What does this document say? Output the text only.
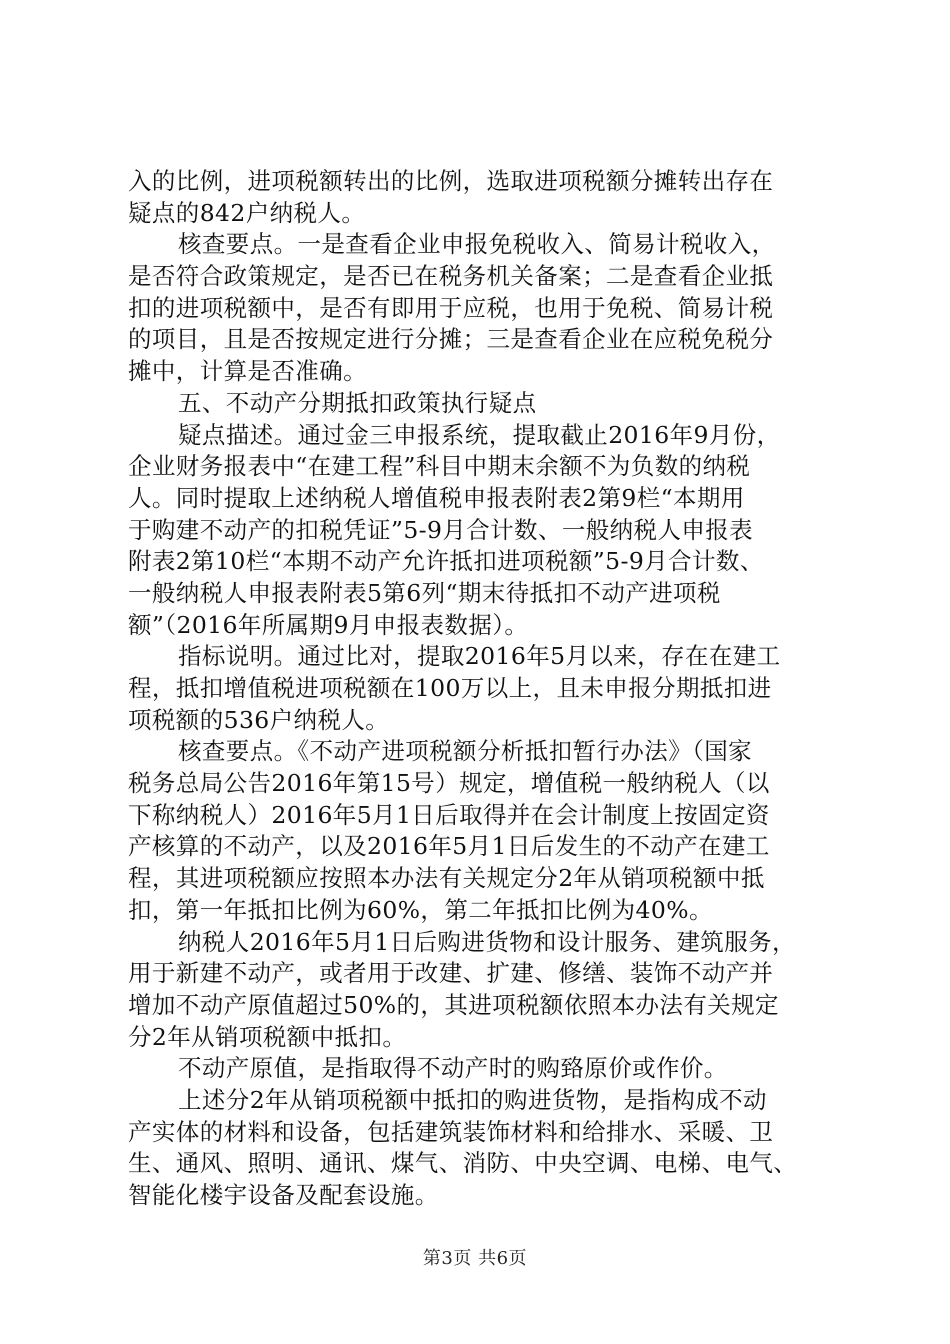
入的比例，进项税额转出的比例，选取进项税额分摊转出存在
疑点的842户纳税人。
核查要点。一是查看企业申报免税收入、简易计税收入，
是否符合政策规定，是否已在税务机关备案；二是查看企业抵
扣的进项税额中，是否有即用于应税，也用于免税、简易计税
的项目，且是否按规定进行分摊；三是查看企业在应税免税分
摊中，计算是否准确。
五、不动产分期抵扣政策执行疑点
疑点描述。通过金三申报系统，提取截止2016年9月份，
企业财务报表中“在建工程”科目中期末余额不为负数的纳税
人。同时提取上述纳税人增值税申报表附表2第9栏“本期用
于购建不动产的扣税凭证”5-9月合计数、一般纳税人申报表
附表2第10栏“本期不动产允许抵扣进项税额”5-9月合计数、
一般纳税人申报表附表5第6列“期末待抵扣不动产进项税
额”（2016年所属期9月申报表数据）。
指标说明。通过比对，提取2016年5月以来，存在在建工
程，抵扣增值税进项税额在100万以上，且未申报分期抵扣进
项税额的536户纳税人。
核查要点。《不动产进项税额分析抵扣暂行办法》（国家
税务总局公告2016年第15号）规定，增值税一般纳税人（以
下称纳税人）2016年5月1日后取得并在会计制度上按固定资
产核算的不动产，以及2016年5月1日后发生的不动产在建工
程，其进项税额应按照本办法有关规定分2年从销项税额中抵
扣，第一年抵扣比例为60%，第二年抵扣比例为40%。
纳税人2016年5月1日后购进货物和设计服务、建筑服务，
用于新建不动产，或者用于改建、扩建、修缮、装饰不动产并
增加不动产原值超过50%的，其进项税额依照本办法有关规定
分2年从销项税额中抵扣。
不动产原值，是指取得不动产时的购臵原价或作价。
上述分2年从销项税额中抵扣的购进货物，是指构成不动
产实体的材料和设备，包括建筑装饰材料和给排水、采暖、卫
生、通风、照明、通讯、煤气、消防、中央空调、电梯、电气、
智能化楼宇设备及配套设施。
第3页 共6页
